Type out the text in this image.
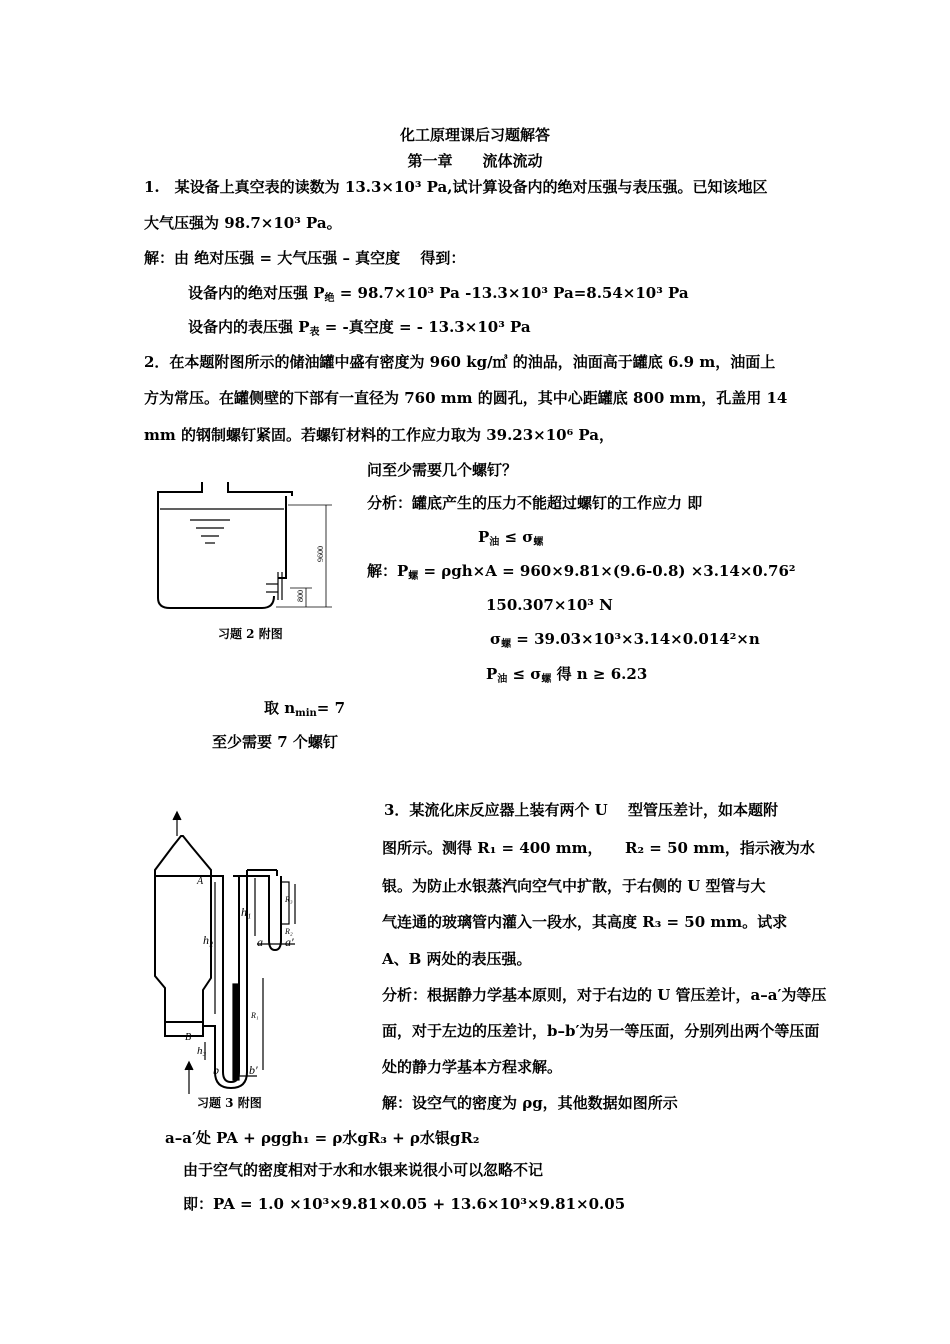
化工原理课后习题解答
第一章　　流体流动
1.　某设备上真空表的读数为 13.3×10³ Pa,试计算设备内的绝对压强与表压强。已知该地区
大气压强为 98.7×10³ Pa。
解：由 绝对压强 = 大气压强 – 真空度　 得到：
设备内的绝对压强 $P_绝 = 98.7\times 10^3$ Pa -13.3×10³ Pa=8.54×10³ Pa
设备内的表压强 $P_表$ = -真空度 = - 13.3×10³ Pa
2．在本题附图所示的储油罐中盛有密度为 960 kg/㎥ 的油品，油面高于罐底 6.9 m，油面上
方为常压。在罐侧壁的下部有一直径为 760 mm 的圆孔，其中心距罐底 800 mm，孔盖用 14
mm 的钢制螺钉紧固。若螺钉材料的工作应力取为 39.23×10⁶ Pa，
问至少需要几个螺钉？
分析：罐底产生的压力不能超过螺钉的工作应力 即
$P_油 \le \sigma_螺$
解：$P_螺 = \rho gh\times A = 960\times 9.81\times(9.6-0.8) \times 3.14\times 0.76^2$
150.307×10³ N
$\sigma_螺 = 39.03\times 10^3\times 3.14\times 0.014^2\times n$
$P_油 \le \sigma_螺$ 得 n ≥ 6.23
取 $n_{min}= 7$
至少需要 7 个螺钉
9600
800
习题 2 附图
3．某流化床反应器上装有两个 U　 型管压差计，如本题附
图所示。测得 R₁ = 400 mm，　　R₂ = 50 mm，指示液为水
银。为防止水银蒸汽向空气中扩散，于右侧的 U 型管与大
气连通的玻璃管内灌入一段水，其高度 R₃ = 50 mm。试求
A、B 两处的表压强。
分析：根据静力学基本原则，对于右边的 U 管压差计，a–a′为等压
面，对于左边的压差计，b–b′为另一等压面，分别列出两个等压面
处的静力学基本方程求解。
解：设空气的密度为 ρg，其他数据如图所示
a–a′处 PA + ρggh₁ = ρ水gR₃ + ρ水银gR₂
由于空气的密度相对于水和水银来说很小可以忽略不记
即：PA = 1.0 ×10³×9.81×0.05 + 13.6×10³×9.81×0.05
A
B
h₁
h₂
h₃
R₁
R₂
R₃
a a′
b	b′
习题 3 附图
